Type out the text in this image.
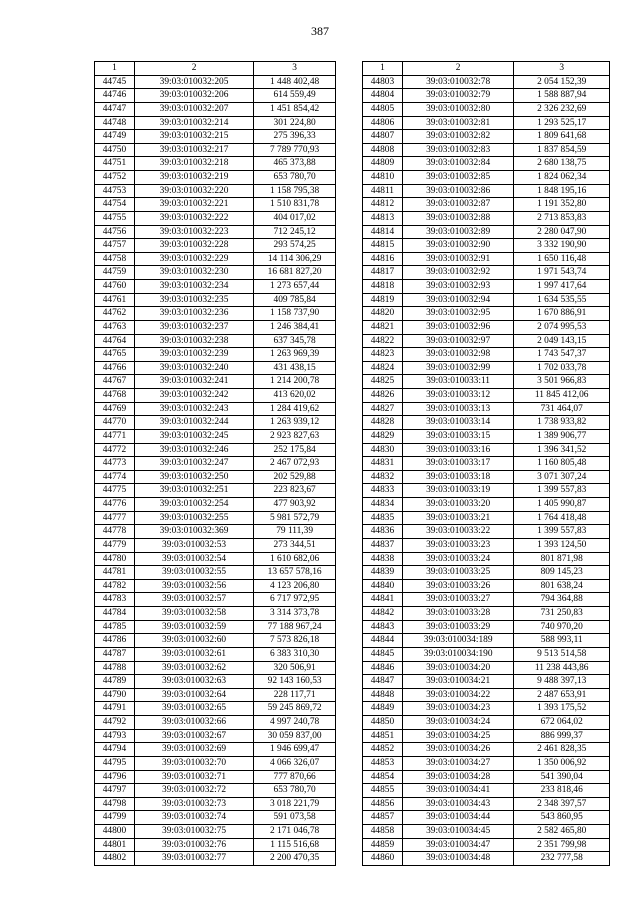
387
1	2	3
44745	39:03:010032:205	1 448 402,48
44746	39:03:010032:206	614 559,49
44747	39:03:010032:207	1 451 854,42
44748	39:03:010032:214	301 224,80
44749	39:03:010032:215	275 396,33
44750	39:03:010032:217	7 789 770,93
44751	39:03:010032:218	465 373,88
44752	39:03:010032:219	653 780,70
44753	39:03:010032:220	1 158 795,38
44754	39:03:010032:221	1 510 831,78
44755	39:03:010032:222	404 017,02
44756	39:03:010032:223	712 245,12
44757	39:03:010032:228	293 574,25
44758	39:03:010032:229	14 114 306,29
44759	39:03:010032:230	16 681 827,20
44760	39:03:010032:234	1 273 657,44
44761	39:03:010032:235	409 785,84
44762	39:03:010032:236	1 158 737,90
44763	39:03:010032:237	1 246 384,41
44764	39:03:010032:238	637 345,78
44765	39:03:010032:239	1 263 969,39
44766	39:03:010032:240	431 438,15
44767	39:03:010032:241	1 214 200,78
44768	39:03:010032:242	413 620,02
44769	39:03:010032:243	1 284 419,62
44770	39:03:010032:244	1 263 939,12
44771	39:03:010032:245	2 923 827,63
44772	39:03:010032:246	252 175,84
44773	39:03:010032:247	2 467 072,93
44774	39:03:010032:250	202 529,88
44775	39:03:010032:251	223 823,67
44776	39:03:010032:254	477 903,92
44777	39:03:010032:255	5 981 572,79
44778	39:03:010032:369	79 111,39
44779	39:03:010032:53	273 344,51
44780	39:03:010032:54	1 610 682,06
44781	39:03:010032:55	13 657 578,16
44782	39:03:010032:56	4 123 206,80
44783	39:03:010032:57	6 717 972,95
44784	39:03:010032:58	3 314 373,78
44785	39:03:010032:59	77 188 967,24
44786	39:03:010032:60	7 573 826,18
44787	39:03:010032:61	6 383 310,30
44788	39:03:010032:62	320 506,91
44789	39:03:010032:63	92 143 160,53
44790	39:03:010032:64	228 117,71
44791	39:03:010032:65	59 245 869,72
44792	39:03:010032:66	4 997 240,78
44793	39:03:010032:67	30 059 837,00
44794	39:03:010032:69	1 946 699,47
44795	39:03:010032:70	4 066 326,07
44796	39:03:010032:71	777 870,66
44797	39:03:010032:72	653 780,70
44798	39:03:010032:73	3 018 221,79
44799	39:03:010032:74	591 073,58
44800	39:03:010032:75	2 171 046,78
44801	39:03:010032:76	1 115 516,68
44802	39:03:010032:77	2 200 470,35
1	2	3
44803	39:03:010032:78	2 054 152,39
44804	39:03:010032:79	1 588 887,94
44805	39:03:010032:80	2 326 232,69
44806	39:03:010032:81	1 293 525,17
44807	39:03:010032:82	1 809 641,68
44808	39:03:010032:83	1 837 854,59
44809	39:03:010032:84	2 680 138,75
44810	39:03:010032:85	1 824 062,34
44811	39:03:010032:86	1 848 195,16
44812	39:03:010032:87	1 191 352,80
44813	39:03:010032:88	2 713 853,83
44814	39:03:010032:89	2 280 047,90
44815	39:03:010032:90	3 332 190,90
44816	39:03:010032:91	1 650 116,48
44817	39:03:010032:92	1 971 543,74
44818	39:03:010032:93	1 997 417,64
44819	39:03:010032:94	1 634 535,55
44820	39:03:010032:95	1 670 886,91
44821	39:03:010032:96	2 074 995,53
44822	39:03:010032:97	2 049 143,15
44823	39:03:010032:98	1 743 547,37
44824	39:03:010032:99	1 702 033,78
44825	39:03:010033:11	3 501 966,83
44826	39:03:010033:12	11 845 412,06
44827	39:03:010033:13	731 464,07
44828	39:03:010033:14	1 738 933,82
44829	39:03:010033:15	1 389 906,77
44830	39:03:010033:16	1 396 341,52
44831	39:03:010033:17	1 160 805,48
44832	39:03:010033:18	3 071 307,24
44833	39:03:010033:19	1 399 557,83
44834	39:03:010033:20	1 405 990,87
44835	39:03:010033:21	1 764 418,48
44836	39:03:010033:22	1 399 557,83
44837	39:03:010033:23	1 393 124,50
44838	39:03:010033:24	801 871,98
44839	39:03:010033:25	809 145,23
44840	39:03:010033:26	801 638,24
44841	39:03:010033:27	794 364,88
44842	39:03:010033:28	731 250,83
44843	39:03:010033:29	740 970,20
44844	39:03:010034:189	588 993,11
44845	39:03:010034:190	9 513 514,58
44846	39:03:010034:20	11 238 443,86
44847	39:03:010034:21	9 488 397,13
44848	39:03:010034:22	2 487 653,91
44849	39:03:010034:23	1 393 175,52
44850	39:03:010034:24	672 064,02
44851	39:03:010034:25	886 999,37
44852	39:03:010034:26	2 461 828,35
44853	39:03:010034:27	1 350 006,92
44854	39:03:010034:28	541 390,04
44855	39:03:010034:41	233 818,46
44856	39:03:010034:43	2 348 397,57
44857	39:03:010034:44	543 860,95
44858	39:03:010034:45	2 582 465,80
44859	39:03:010034:47	2 351 799,98
44860	39:03:010034:48	232 777,58
